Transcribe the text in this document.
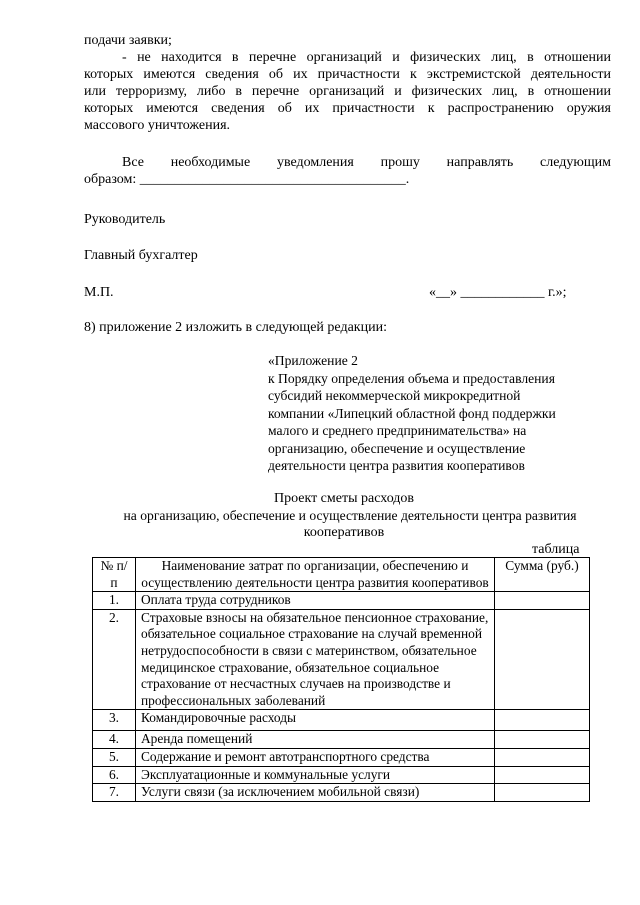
подачи заявки;
- не находится в перечне организаций и физических лиц, в отношении
которых имеются сведения об их причастности к экстремистской деятельности
или терроризму, либо в перечне организаций и физических лиц, в отношении
которых имеются сведения об их причастности к распространению оружия
массового уничтожения.
Все необходимые уведомления прошу направлять следующим
образом: ______________________________________.
Руководитель
Главный бухгалтер
М.П.	«__» ____________ г.»;
8) приложение 2 изложить в следующей редакции:
«Приложение 2
к Порядку определения объема и предоставления
субсидий некоммерческой микрокредитной
компании «Липецкий областной фонд поддержки
малого и среднего предпринимательства» на
организацию, обеспечение и осуществление
деятельности центра развития кооперативов
Проект сметы расходов
на организацию, обеспечение и осуществление деятельности центра развития
кооперативов
таблица
№ п/п	Наименование затрат по организации, обеспечению и осуществлению деятельности центра развития кооперативов	Сумма (руб.)
1.	Оплата труда сотрудников	
2.	Страховые взносы на обязательное пенсионное страхование, обязательное социальное страхование на случай временной нетрудоспособности в связи с материнством, обязательное медицинское страхование, обязательное социальное страхование от несчастных случаев на производстве и профессиональных заболеваний	
3.	Командировочные расходы	
4.	Аренда помещений	
5.	Содержание и ремонт автотранспортного средства	
6.	Эксплуатационные и коммунальные услуги	
7.	Услуги связи (за исключением мобильной связи)	
